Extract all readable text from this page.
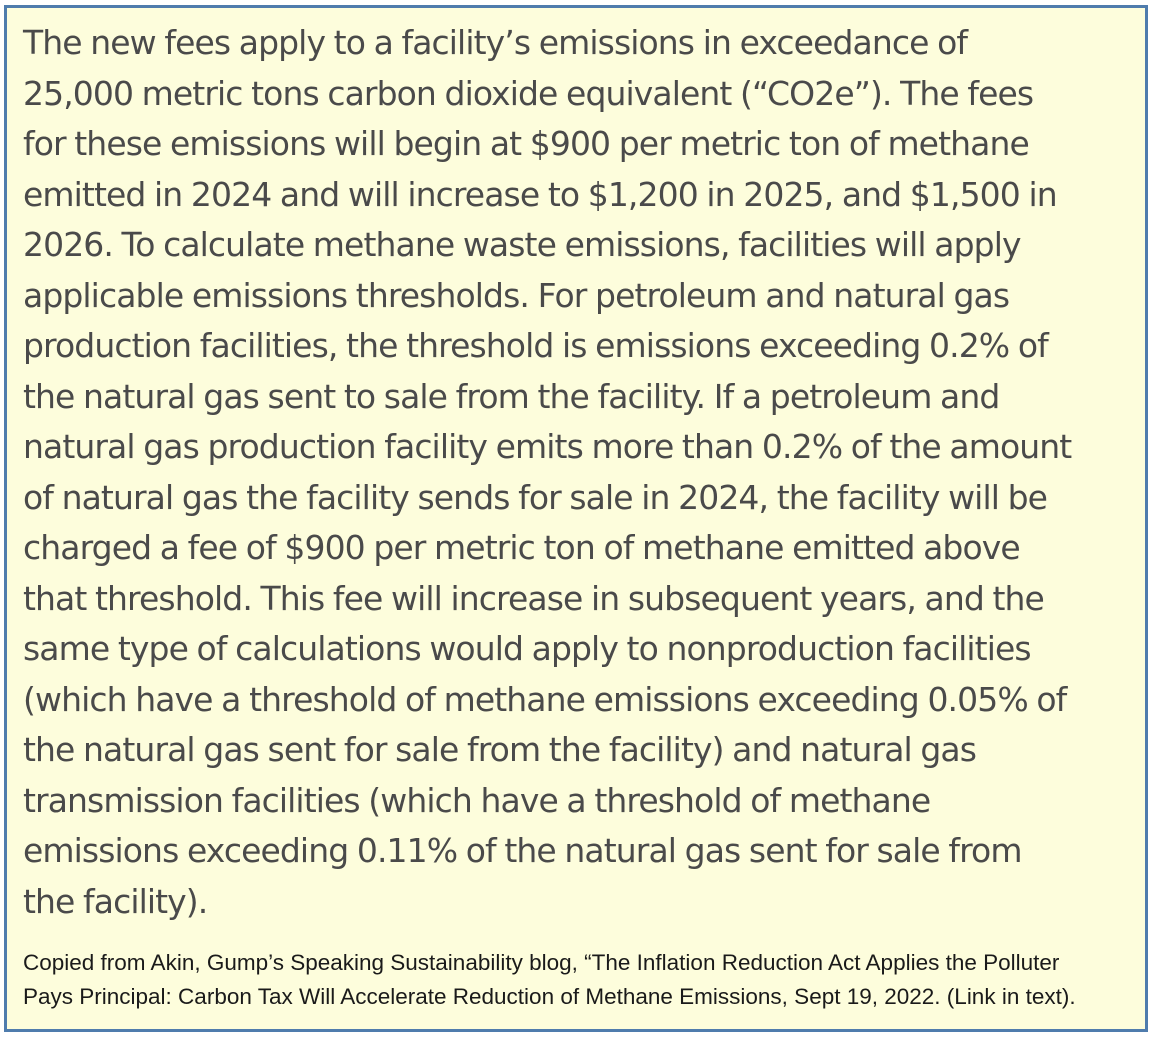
The new fees apply to a facility’s emissions in exceedance of
25,000 metric tons carbon dioxide equivalent (“CO2e”). The fees
for these emissions will begin at $900 per metric ton of methane
emitted in 2024 and will increase to $1,200 in 2025, and $1,500 in
2026. To calculate methane waste emissions, facilities will apply
applicable emissions thresholds. For petroleum and natural gas
production facilities, the threshold is emissions exceeding 0.2% of
the natural gas sent to sale from the facility. If a petroleum and
natural gas production facility emits more than 0.2% of the amount
of natural gas the facility sends for sale in 2024, the facility will be
charged a fee of $900 per metric ton of methane emitted above
that threshold. This fee will increase in subsequent years, and the
same type of calculations would apply to nonproduction facilities
(which have a threshold of methane emissions exceeding 0.05% of
the natural gas sent for sale from the facility) and natural gas
transmission facilities (which have a threshold of methane
emissions exceeding 0.11% of the natural gas sent for sale from
the facility).

Copied from Akin, Gump’s Speaking Sustainability blog, “The Inflation Reduction Act Applies the Polluter
Pays Principal: Carbon Tax Will Accelerate Reduction of Methane Emissions, Sept 19, 2022. (Link in text).
